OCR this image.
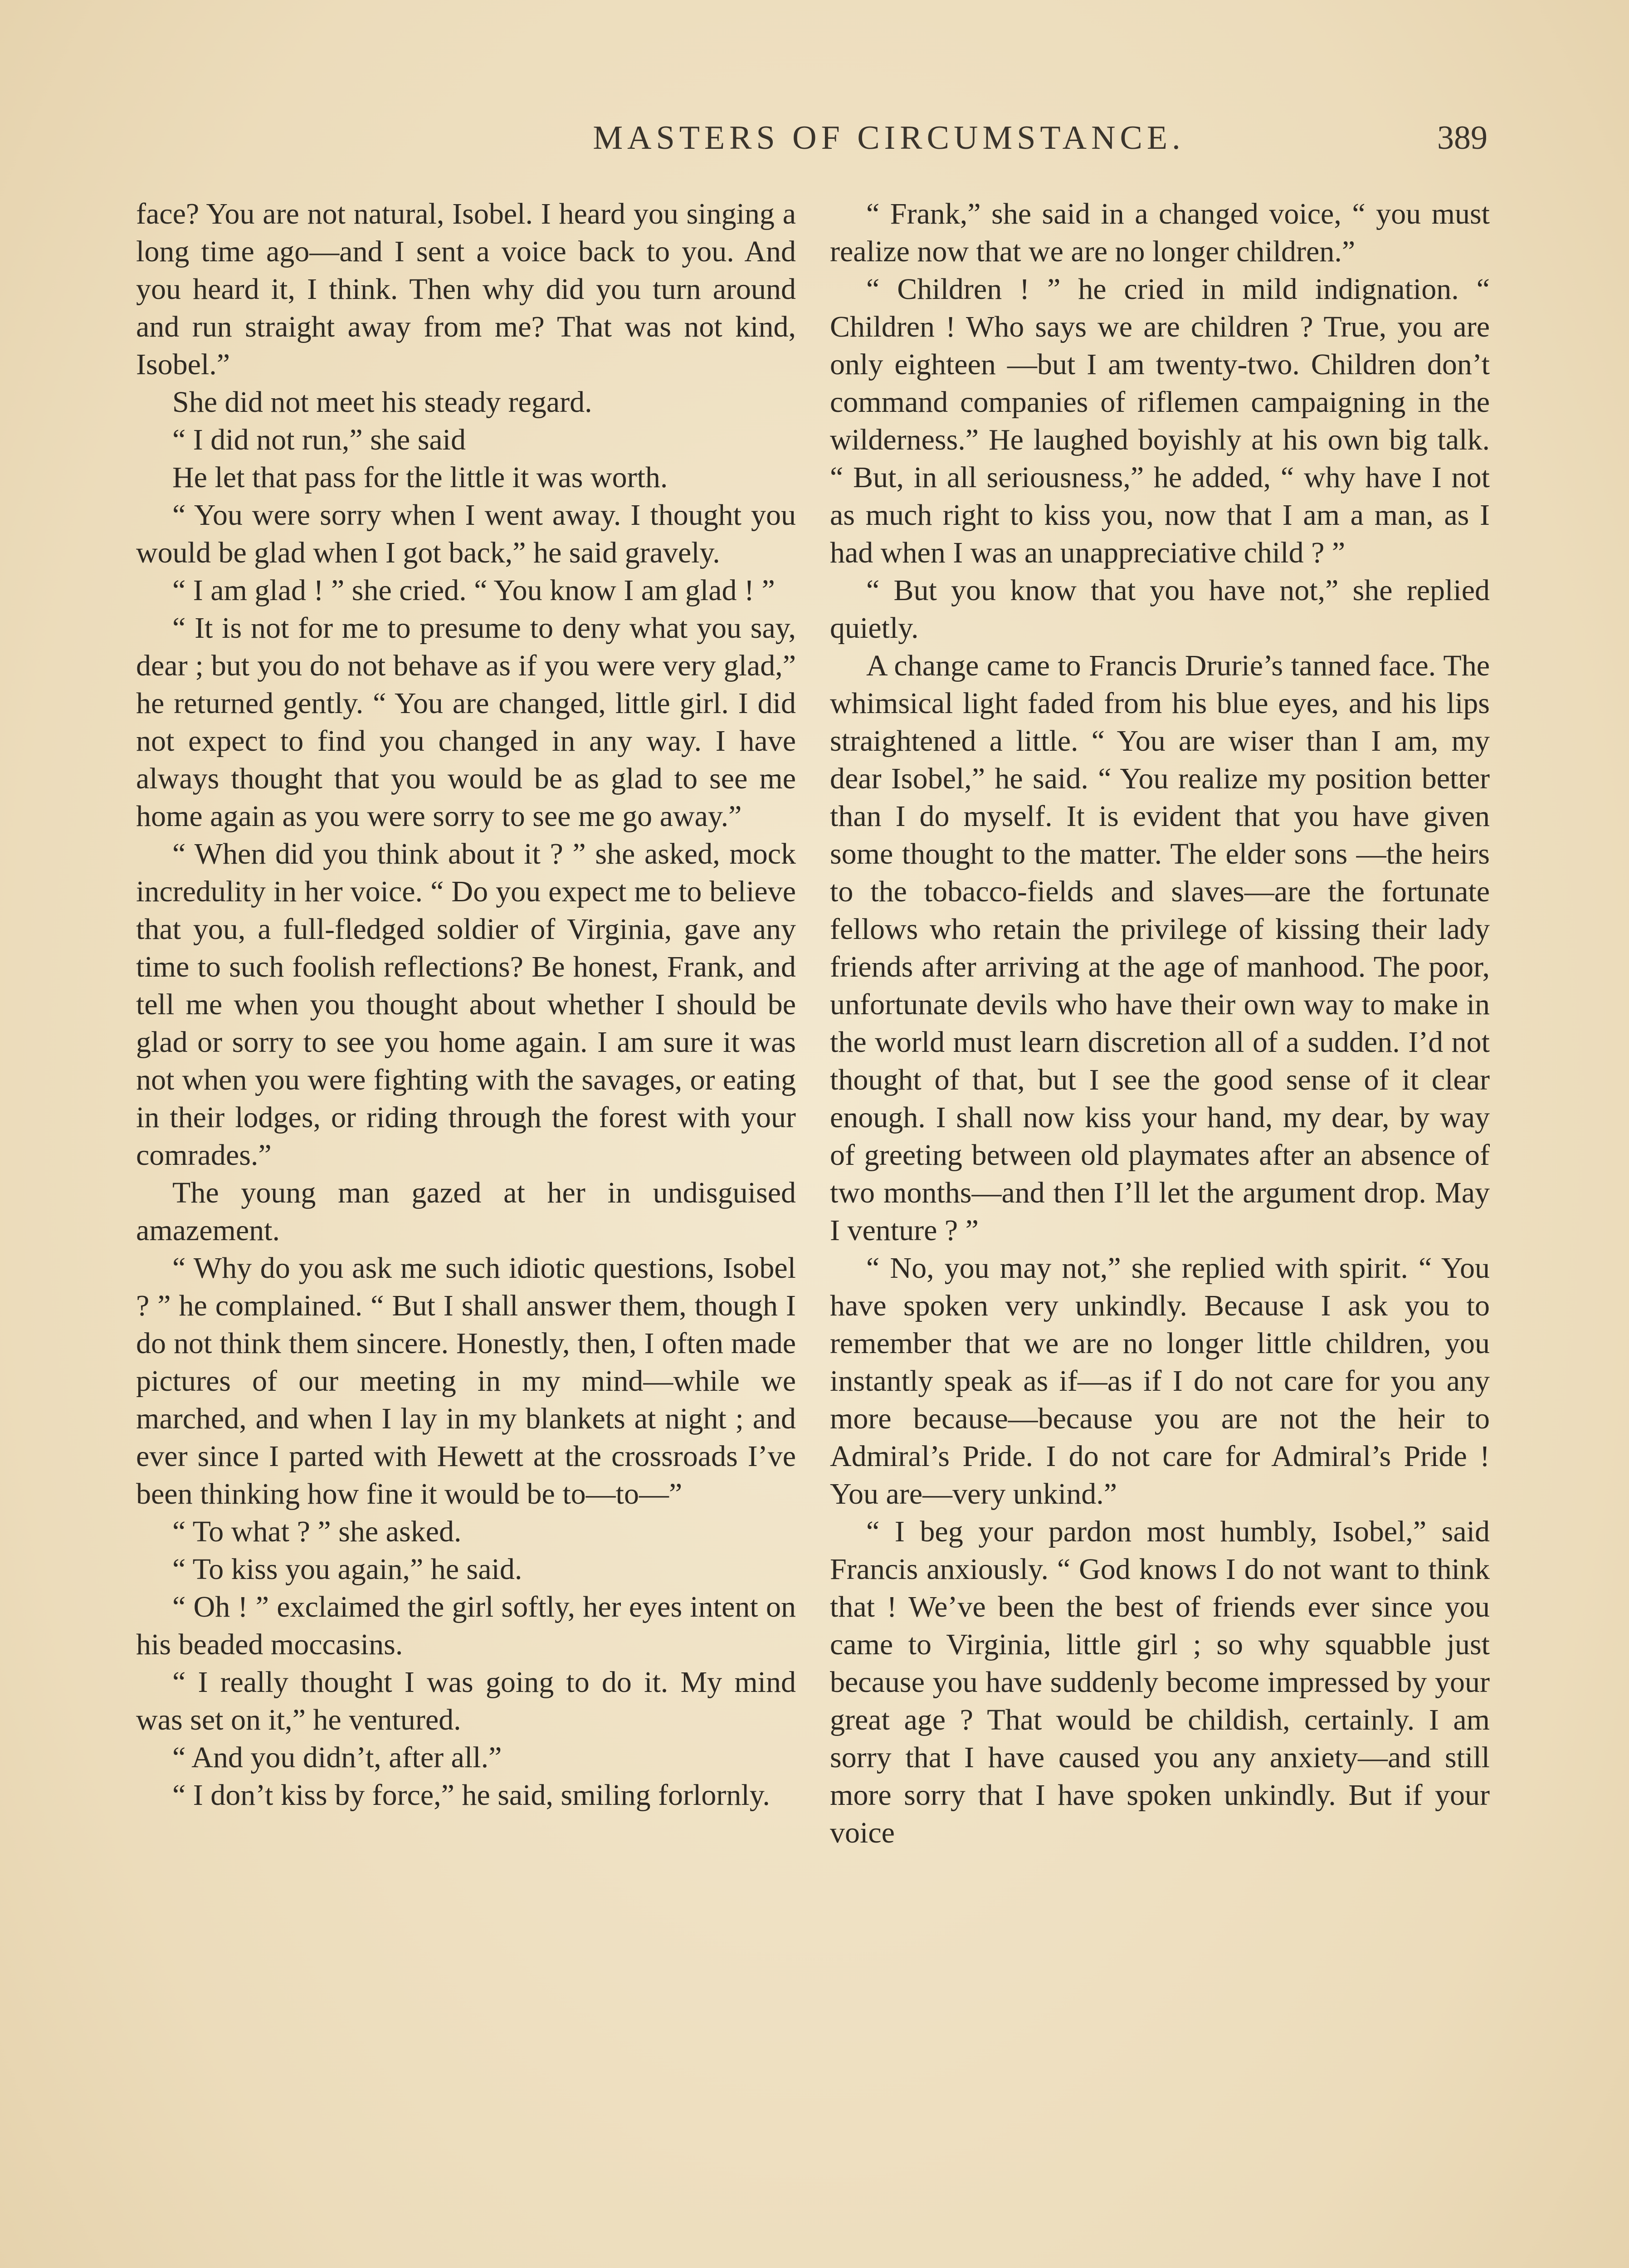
MASTERS OF CIRCUMSTANCE.	389

face? You are not natural, Isobel. I heard you singing a long time ago—and I sent a voice back to you. And you heard it, I think. Then why did you turn around and run straight away from me? That was not kind, Isobel.”

She did not meet his steady regard.

“ I did not run,” she said

He let that pass for the little it was worth.

“ You were sorry when I went away. I thought you would be glad when I got back,” he said gravely.

“ I am glad ! ” she cried. “ You know I am glad ! ”

“ It is not for me to presume to deny what you say, dear ; but you do not behave as if you were very glad,” he returned gently. “ You are changed, little girl. I did not expect to find you changed in any way. I have always thought that you would be as glad to see me home again as you were sorry to see me go away.”

“ When did you think about it ? ” she asked, mock incredulity in her voice. “ Do you expect me to believe that you, a full-fledged soldier of Virginia, gave any time to such foolish reflections? Be honest, Frank, and tell me when you thought about whether I should be glad or sorry to see you home again. I am sure it was not when you were fighting with the savages, or eating in their lodges, or riding through the forest with your comrades.”

The young man gazed at her in undisguised amazement.

“ Why do you ask me such idiotic questions, Isobel ? ” he complained. “ But I shall answer them, though I do not think them sincere. Honestly, then, I often made pictures of our meeting in my mind—while we marched, and when I lay in my blankets at night ; and ever since I parted with Hewett at the crossroads I’ve been thinking how fine it would be to—to—”

“ To what ? ” she asked.

“ To kiss you again,” he said.

“ Oh ! ” exclaimed the girl softly, her eyes intent on his beaded moccasins.

“ I really thought I was going to do it. My mind was set on it,” he ventured.

“ And you didn’t, after all.”

“ I don’t kiss by force,” he said, smiling forlornly.

“ Frank,” she said in a changed voice, “ you must realize now that we are no longer children.”

“ Children ! ” he cried in mild indignation. “ Children ! Who says we are children ? True, you are only eighteen —but I am twenty-two. Children don’t command companies of riflemen campaigning in the wilderness.” He laughed boyishly at his own big talk. “ But, in all seriousness,” he added, “ why have I not as much right to kiss you, now that I am a man, as I had when I was an unappreciative child ? ”

“ But you know that you have not,” she replied quietly.

A change came to Francis Drurie’s tanned face. The whimsical light faded from his blue eyes, and his lips straightened a little. “ You are wiser than I am, my dear Isobel,” he said. “ You realize my position better than I do myself. It is evident that you have given some thought to the matter. The elder sons —the heirs to the tobacco-fields and slaves—are the fortunate fellows who retain the privilege of kissing their lady friends after arriving at the age of manhood. The poor, unfortunate devils who have their own way to make in the world must learn discretion all of a sudden. I’d not thought of that, but I see the good sense of it clear enough. I shall now kiss your hand, my dear, by way of greeting between old playmates after an absence of two months—and then I’ll let the argument drop. May I venture ? ”

“ No, you may not,” she replied with spirit. “ You have spoken very unkindly. Because I ask you to remember that we are no longer little children, you instantly speak as if—as if I do not care for you any more because—because you are not the heir to Admiral’s Pride. I do not care for Admiral’s Pride ! You are—very unkind.”

“ I beg your pardon most humbly, Isobel,” said Francis anxiously. “ God knows I do not want to think that ! We’ve been the best of friends ever since you came to Virginia, little girl ; so why squabble just because you have suddenly become impressed by your great age ? That would be childish, certainly. I am sorry that I have caused you any anxiety—and still more sorry that I have spoken unkindly. But if your voice
